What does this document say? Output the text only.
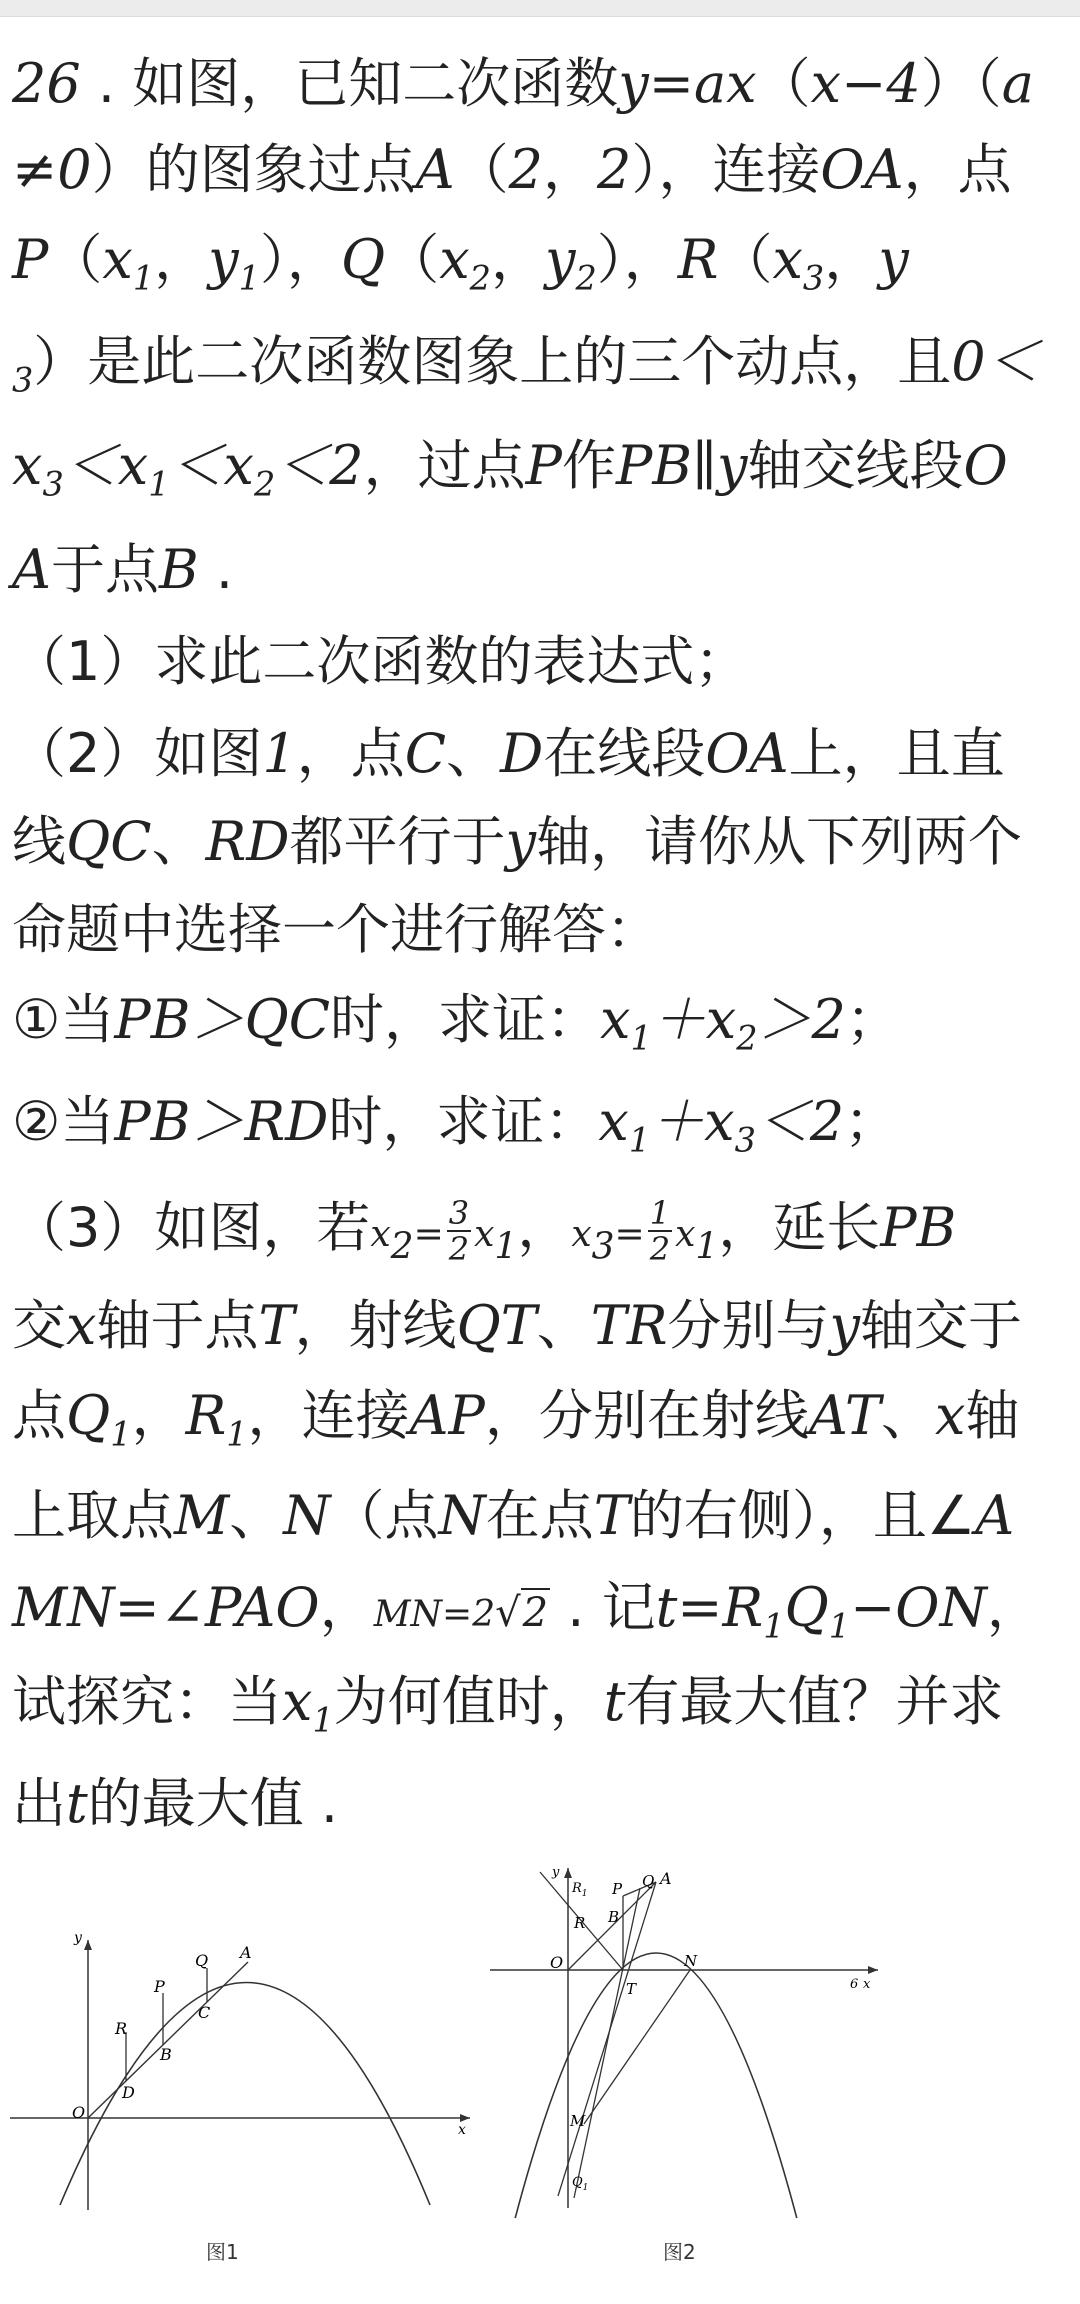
26 . 如图，已知二次函数y=ax（x−4）（a
≠0）的图象过点A（2，2），连接OA，点
$P(x_1$，$y_1$），$Q(x_2$，$y_2$），$R(x_3$，y
$_3$）是此二次函数图象上的三个动点，且0＜
$x_3<x_1<x_2<2$，过点P作PB∥y轴交线段O
A于点B .
（1）求此二次函数的表达式；
（2）如图1，点C、D在线段OA上，且直
线QC、RD都平行于y轴，请你从下列两个
命题中选择一个进行解答：
①当PB＞QC时，求证：$x_1+x_2>2$；
②当PB＞RD时，求证：$x_1+x_3<2$；
（3）如图，若$x_2= \frac{3}{2} x_1$，$x_3= \frac{1}{2} x_1$，延长PB
交x轴于点T，射线QT、TR分别与y轴交于
点$Q_1$，$R_1$，连接AP，分别在射线AT、x轴
上取点M、N（点N在点T的右侧），且∠A
MN=∠PAO，MN=2√2 . 记$t=R_1Q_1-ON$，
试探究：当$x_1$为何值时，t有最大值？并求
出t的最大值 .
O
A
P
Q
R
B
C
D
y
x
图1
O
A
P Q
R B
T
N
M
$R_1$
$Q_1$
6 x
y
图2
